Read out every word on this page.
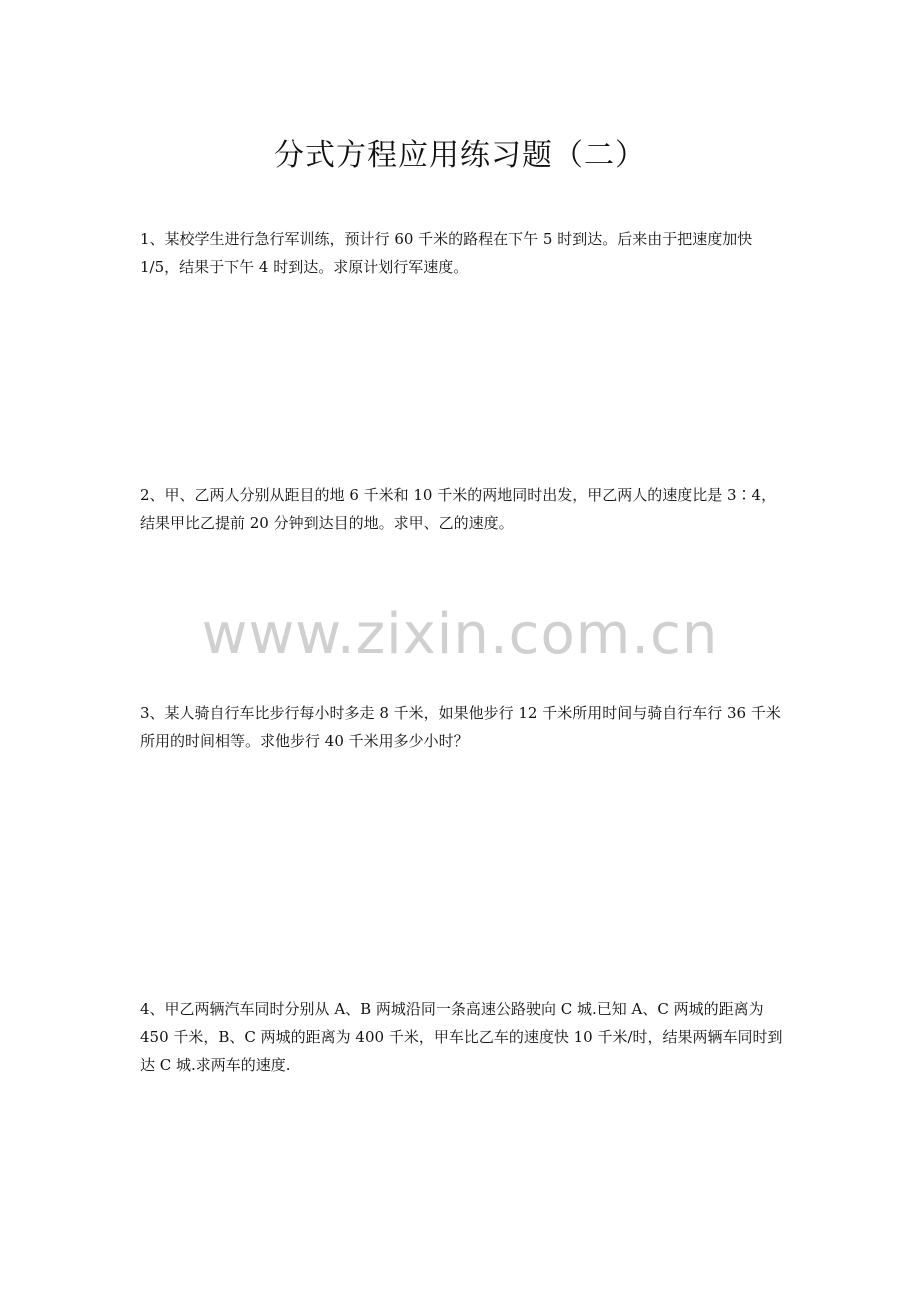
分式方程应用练习题（二）

1、某校学生进行急行军训练，预计行 60 千米的路程在下午 5 时到达。后来由于把速度加快 1/5，结果于下午 4 时到达。求原计划行军速度。

2、甲、乙两人分别从距目的地 6 千米和 10 千米的两地同时出发，甲乙两人的速度比是 3∶4，结果甲比乙提前 20 分钟到达目的地。求甲、乙的速度。

www.zixin.com.cn

3、某人骑自行车比步行每小时多走 8 千米，如果他步行 12 千米所用时间与骑自行车行 36 千米所用的时间相等。求他步行 40 千米用多少小时？

4、甲乙两辆汽车同时分别从 A、B 两城沿同一条高速公路驶向 C 城.已知 A、C 两城的距离为 450 千米，B、C 两城的距离为 400 千米，甲车比乙车的速度快 10 千米/时，结果两辆车同时到达 C 城.求两车的速度.
